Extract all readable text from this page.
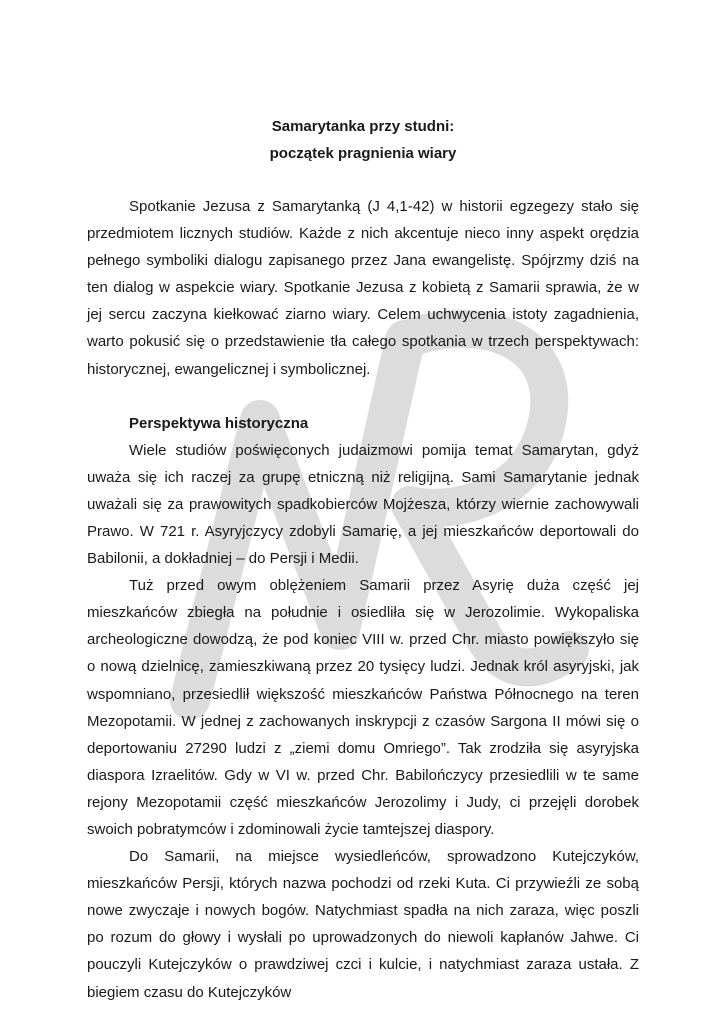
Samarytanka przy studni:
początek pragnienia wiary

Spotkanie Jezusa z Samarytanką (J 4,1-42) w historii egzegezy stało się przedmiotem licznych studiów. Każde z nich akcentuje nieco inny aspekt orędzia pełnego symboliki dialogu zapisanego przez Jana ewangelistę. Spójrzmy dziś na ten dialog w aspekcie wiary. Spotkanie Jezusa z kobietą z Samarii sprawia, że w jej sercu zaczyna kiełkować ziarno wiary. Celem uchwycenia istoty zagadnienia, warto pokusić się o przedstawienie tła całego spotkania w trzech perspektywach: historycznej, ewangelicznej i symbolicznej.

Perspektywa historyczna

Wiele studiów poświęconych judaizmowi pomija temat Samarytan, gdyż uważa się ich raczej za grupę etniczną niż religijną. Sami Samarytanie jednak uważali się za prawowitych spadkobierców Mojżesza, którzy wiernie zachowywali Prawo. W 721 r. Asyryjczycy zdobyli Samarię, a jej mieszkańców deportowali do Babilonii, a dokładniej – do Persji i Medii.

Tuż przed owym oblężeniem Samarii przez Asyrię duża część jej mieszkańców zbiegła na południe i osiedliła się w Jerozolimie. Wykopaliska archeologiczne dowodzą, że pod koniec VIII w. przed Chr. miasto powiększyło się o nową dzielnicę, zamieszkiwaną przez 20 tysięcy ludzi. Jednak król asyryjski, jak wspomniano, przesiedlił większość mieszkańców Państwa Północnego na teren Mezopotamii. W jednej z zachowanych inskrypcji z czasów Sargona II mówi się o deportowaniu 27290 ludzi z „ziemi domu Omriego”. Tak zrodziła się asyryjska diaspora Izraelitów. Gdy w VI w. przed Chr. Babilończycy przesiedlili w te same rejony Mezopotamii część mieszkańców Jerozolimy i Judy, ci przejęli dorobek swoich pobratymców i zdominowali życie tamtejszej diaspory.

Do Samarii, na miejsce wysiedleńców, sprowadzono Kutejczyków, mieszkańców Persji, których nazwa pochodzi od rzeki Kuta. Ci przywieźli ze sobą nowe zwyczaje i nowych bogów. Natychmiast spadła na nich zaraza, więc poszli po rozum do głowy i wysłali po uprowadzonych do niewoli kapłanów Jahwe. Ci pouczyli Kutejczyków o prawdziwej czci i kulcie, i natychmiast zaraza ustała. Z biegiem czasu do Kutejczyków
